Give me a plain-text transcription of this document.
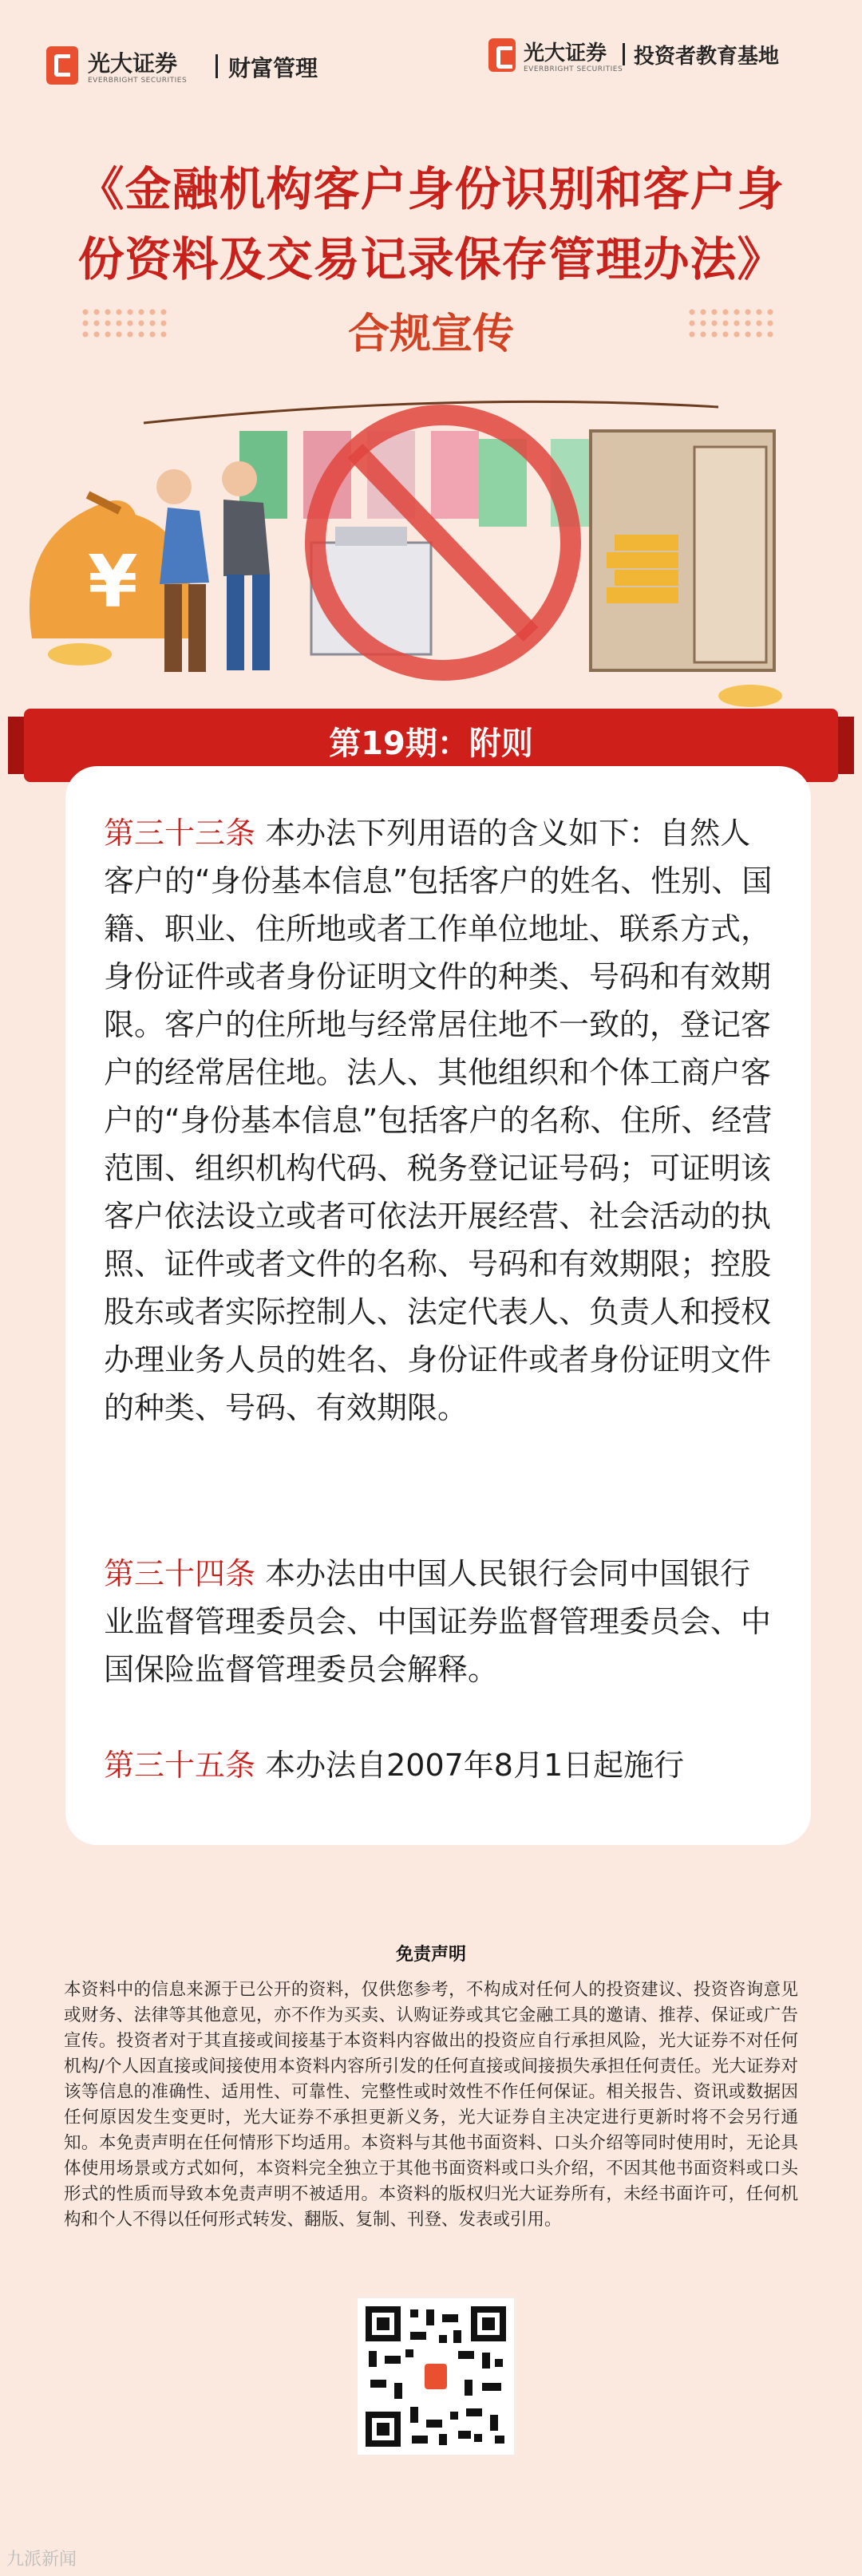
光大证券
EVERBRIGHT SECURITIES 财富管理
光大证券
EVERBRIGHT SECURITIES
投资者教育基地
《金融机构客户身份识别和客户身
份资料及交易记录保存管理办法》
合规宣传
¥
第19期：附则
第三十三条 本办法下列用语的含义如下：自然人客户的“身份基本信息”包括客户的姓名、性别、国籍、职业、住所地或者工作单位地址、联系方式，身份证件或者身份证明文件的种类、号码和有效期限。客户的住所地与经常居住地不一致的，登记客户的经常居住地。法人、其他组织和个体工商户客户的“身份基本信息”包括客户的名称、住所、经营范围、组织机构代码、税务登记证号码；可证明该客户依法设立或者可依法开展经营、社会活动的执照、证件或者文件的名称、号码和有效期限；控股股东或者实际控制人、法定代表人、负责人和授权办理业务人员的姓名、身份证件或者身份证明文件的种类、号码、有效期限。
第三十四条 本办法由中国人民银行会同中国银行业监督管理委员会、中国证券监督管理委员会、中国保险监督管理委员会解释。
第三十五条 本办法自2007年8月1日起施行
免责声明
本资料中的信息来源于已公开的资料，仅供您参考，不构成对任何人的投资建议、投资咨询意见或财务、法律等其他意见，亦不作为买卖、认购证券或其它金融工具的邀请、推荐、保证或广告宣传。投资者对于其直接或间接基于本资料内容做出的投资应自行承担风险，光大证券不对任何机构/个人因直接或间接使用本资料内容所引发的任何直接或间接损失承担任何责任。光大证券对该等信息的准确性、适用性、可靠性、完整性或时效性不作任何保证。相关报告、资讯或数据因任何原因发生变更时，光大证券不承担更新义务，光大证券自主决定进行更新时将不会另行通知。本免责声明在任何情形下均适用。本资料与其他书面资料、口头介绍等同时使用时，无论具体使用场景或方式如何，本资料完全独立于其他书面资料或口头介绍，不因其他书面资料或口头形式的性质而导致本免责声明不被适用。本资料的版权归光大证券所有，未经书面许可，任何机构和个人不得以任何形式转发、翻版、复制、刊登、发表或引用。
九派新闻
